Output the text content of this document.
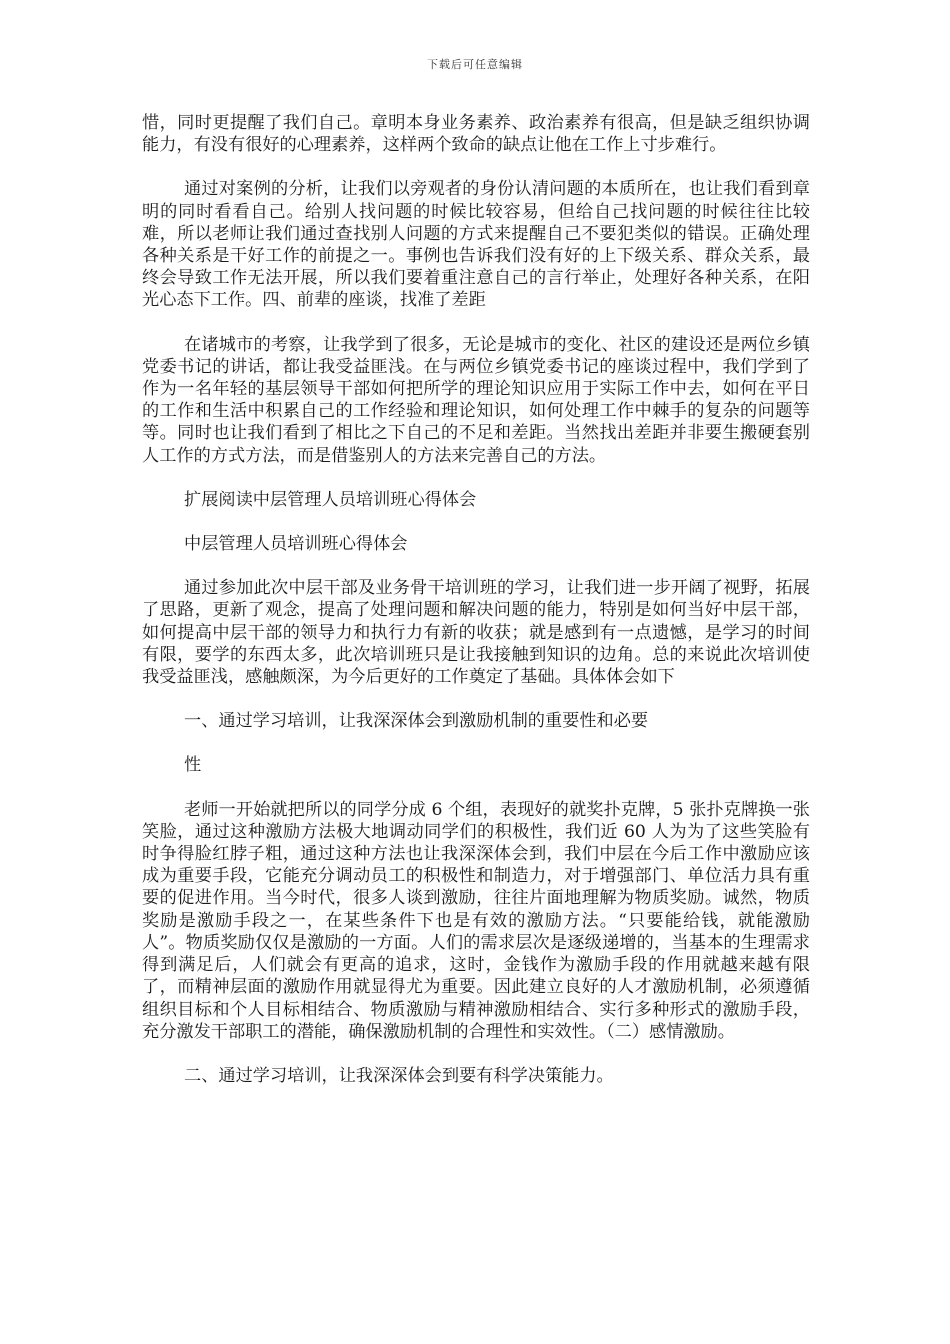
下载后可任意编辑

惜，同时更提醒了我们自己。章明本身业务素养、政治素养有很高，但是缺乏组织协调能力，有没有很好的心理素养，这样两个致命的缺点让他在工作上寸步难行。

通过对案例的分析，让我们以旁观者的身份认清问题的本质所在，也让我们看到章明的同时看看自己。给别人找问题的时候比较容易，但给自己找问题的时候往往比较难，所以老师让我们通过查找别人问题的方式来提醒自己不要犯类似的错误。正确处理各种关系是干好工作的前提之一。事例也告诉我们没有好的上下级关系、群众关系，最终会导致工作无法开展，所以我们要着重注意自己的言行举止，处理好各种关系，在阳光心态下工作。四、前辈的座谈，找准了差距

在诸城市的考察，让我学到了很多，无论是城市的变化、社区的建设还是两位乡镇党委书记的讲话，都让我受益匪浅。在与两位乡镇党委书记的座谈过程中，我们学到了作为一名年轻的基层领导干部如何把所学的理论知识应用于实际工作中去，如何在平日的工作和生活中积累自己的工作经验和理论知识，如何处理工作中棘手的复杂的问题等等。同时也让我们看到了相比之下自己的不足和差距。当然找出差距并非要生搬硬套别人工作的方式方法，而是借鉴别人的方法来完善自己的方法。

扩展阅读中层管理人员培训班心得体会

中层管理人员培训班心得体会

通过参加此次中层干部及业务骨干培训班的学习，让我们进一步开阔了视野，拓展了思路，更新了观念，提高了处理问题和解决问题的能力，特别是如何当好中层干部，如何提高中层干部的领导力和执行力有新的收获；就是感到有一点遗憾，是学习的时间有限，要学的东西太多，此次培训班只是让我接触到知识的边角。总的来说此次培训使我受益匪浅，感触颇深，为今后更好的工作奠定了基础。具体体会如下

一、通过学习培训，让我深深体会到激励机制的重要性和必要

性

老师一开始就把所以的同学分成 6 个组，表现好的就奖扑克牌，5 张扑克牌换一张笑脸，通过这种激励方法极大地调动同学们的积极性，我们近 60 人为为了这些笑脸有时争得脸红脖子粗，通过这种方法也让我深深体会到，我们中层在今后工作中激励应该成为重要手段，它能充分调动员工的积极性和制造力，对于增强部门、单位活力具有重要的促进作用。当今时代，很多人谈到激励，往往片面地理解为物质奖励。诚然，物质奖励是激励手段之一，在某些条件下也是有效的激励方法。“只要能给钱，就能激励人”。物质奖励仅仅是激励的一方面。人们的需求层次是逐级递增的，当基本的生理需求得到满足后，人们就会有更高的追求，这时，金钱作为激励手段的作用就越来越有限了，而精神层面的激励作用就显得尤为重要。因此建立良好的人才激励机制，必须遵循组织目标和个人目标相结合、物质激励与精神激励相结合、实行多种形式的激励手段，充分激发干部职工的潜能，确保激励机制的合理性和实效性。（二）感情激励。

二、通过学习培训，让我深深体会到要有科学决策能力。
